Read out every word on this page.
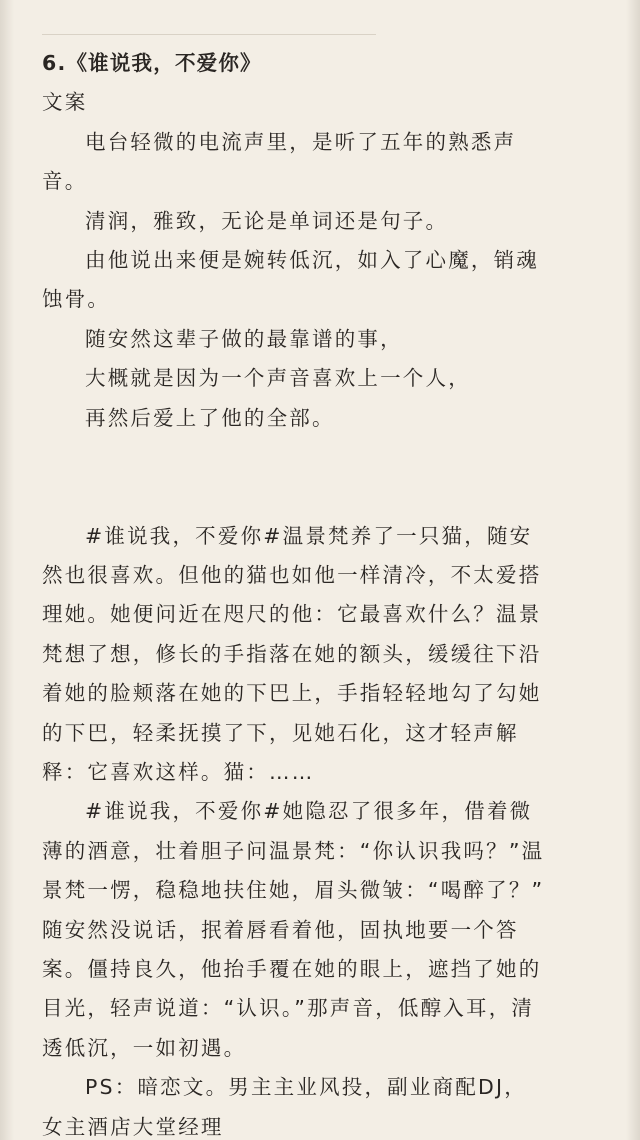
6.《谁说我，不爱你》
文案
电台轻微的电流声里，是听了五年的熟悉声
音。
清润，雅致，无论是单词还是句子。
由他说出来便是婉转低沉，如入了心魔，销魂
蚀骨。
随安然这辈子做的最靠谱的事，
大概就是因为一个声音喜欢上一个人，
再然后爱上了他的全部。
#谁说我，不爱你#温景梵养了一只猫，随安
然也很喜欢。但他的猫也如他一样清冷，不太爱搭
理她。她便问近在咫尺的他：它最喜欢什么？温景
梵想了想，修长的手指落在她的额头，缓缓往下沿
着她的脸颊落在她的下巴上，手指轻轻地勾了勾她
的下巴，轻柔抚摸了下，见她石化，这才轻声解
释：它喜欢这样。猫：……
#谁说我，不爱你#她隐忍了很多年，借着微
薄的酒意，壮着胆子问温景梵：“你认识我吗？”温
景梵一愣，稳稳地扶住她，眉头微皱：“喝醉了？”
随安然没说话，抿着唇看着他，固执地要一个答
案。僵持良久，他抬手覆在她的眼上，遮挡了她的
目光，轻声说道：“认识。”那声音，低醇入耳，清
透低沉，一如初遇。
PS：暗恋文。男主主业风投，副业商配DJ，
女主酒店大堂经理
